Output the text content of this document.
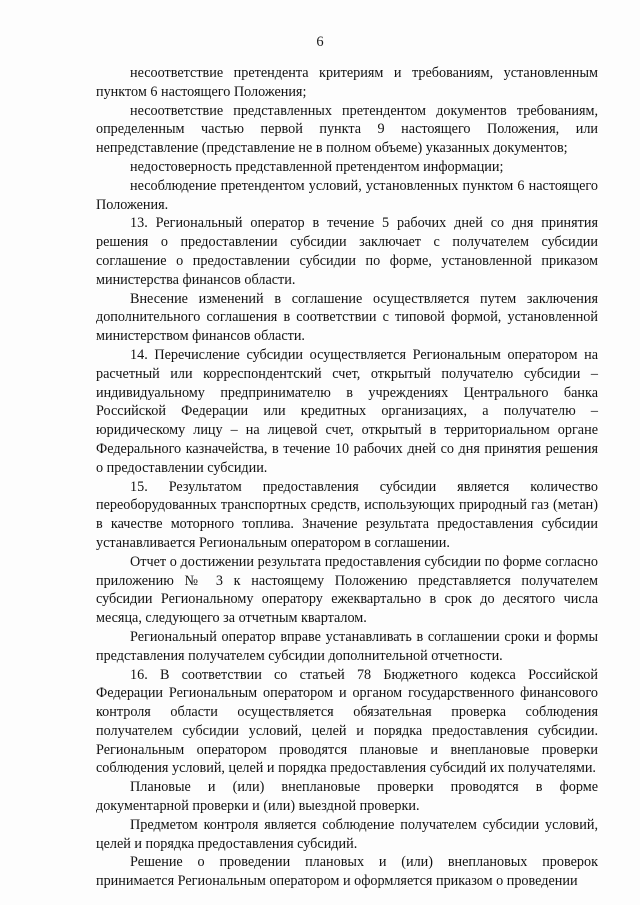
6

несоответствие претендента критериям и требованиям, установленным пунктом 6 настоящего Положения;

несоответствие представленных претендентом документов требованиям, определенным частью первой пункта 9 настоящего Положения, или непредставление (представление не в полном объеме) указанных документов;

недостоверность представленной претендентом информации;

несоблюдение претендентом условий, установленных пунктом 6 настоящего Положения.

13. Региональный оператор в течение 5 рабочих дней со дня принятия решения о предоставлении субсидии заключает с получателем субсидии соглашение о предоставлении субсидии по форме, установленной приказом министерства финансов области.

Внесение изменений в соглашение осуществляется путем заключения дополнительного соглашения в соответствии с типовой формой, установленной министерством финансов области.

14. Перечисление субсидии осуществляется Региональным оператором на расчетный или корреспондентский счет, открытый получателю субсидии – индивидуальному предпринимателю в учреждениях Центрального банка Российской Федерации или кредитных организациях, а получателю – юридическому лицу – на лицевой счет, открытый в территориальном органе Федерального казначейства, в течение 10 рабочих дней со дня принятия решения о предоставлении субсидии.

15. Результатом предоставления субсидии является количество переоборудованных транспортных средств, использующих природный газ (метан) в качестве моторного топлива. Значение результата предоставления субсидии устанавливается Региональным оператором в соглашении.

Отчет о достижении результата предоставления субсидии по форме согласно приложению № 3 к настоящему Положению представляется получателем субсидии Региональному оператору ежеквартально в срок до десятого числа месяца, следующего за отчетным кварталом.

Региональный оператор вправе устанавливать в соглашении сроки и формы представления получателем субсидии дополнительной отчетности.

16. В соответствии со статьей 78 Бюджетного кодекса Российской Федерации Региональным оператором и органом государственного финансового контроля области осуществляется обязательная проверка соблюдения получателем субсидии условий, целей и порядка предоставления субсидии. Региональным оператором проводятся плановые и внеплановые проверки соблюдения условий, целей и порядка предоставления субсидий их получателями.

Плановые и (или) внеплановые проверки проводятся в форме документарной проверки и (или) выездной проверки.

Предметом контроля является соблюдение получателем субсидии условий, целей и порядка предоставления субсидий.

Решение о проведении плановых и (или) внеплановых проверок принимается Региональным оператором и оформляется приказом о проведении
